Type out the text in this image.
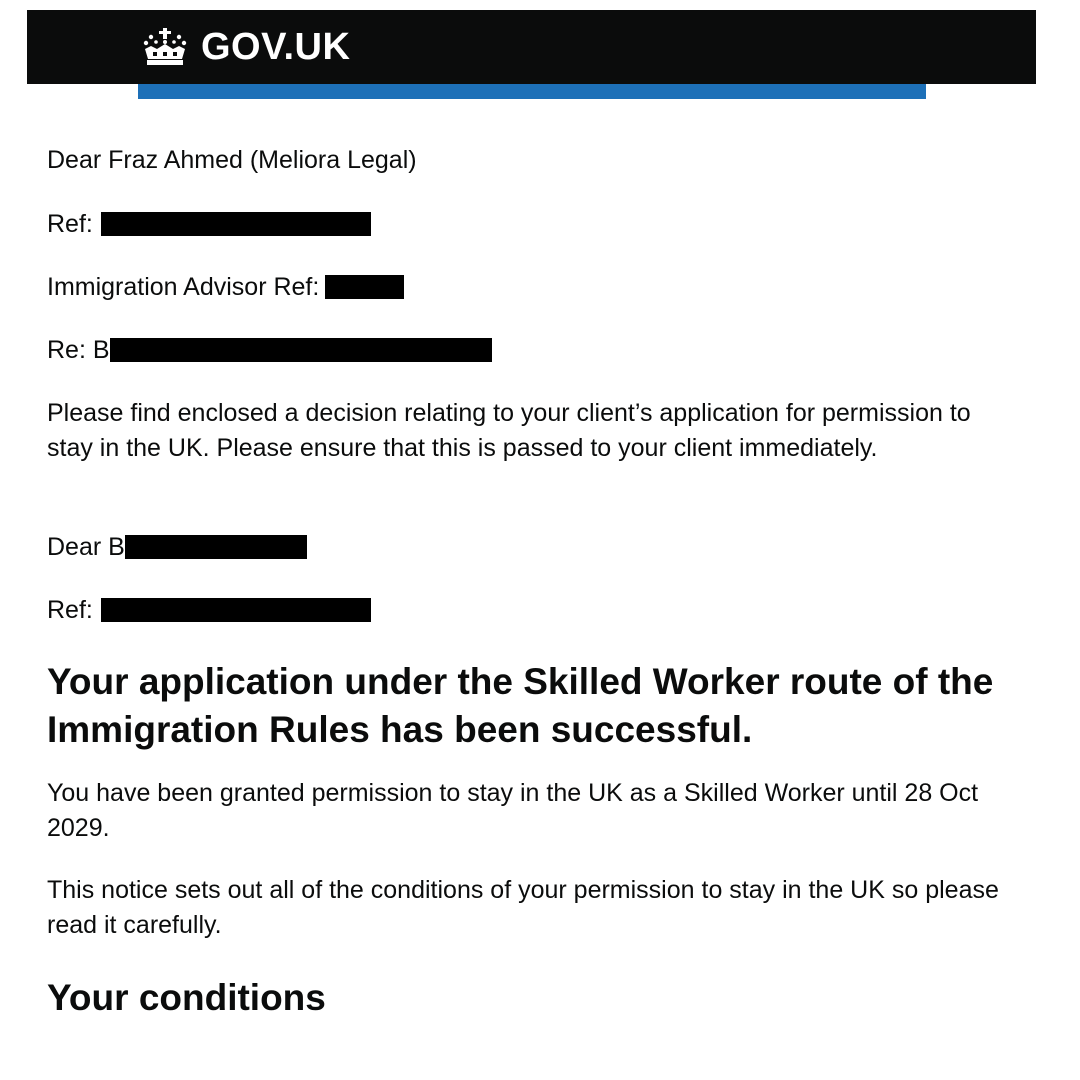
GOV.UK
Dear Fraz Ahmed (Meliora Legal)
Ref:
Immigration Advisor Ref:
Re: B
Please find enclosed a decision relating to your client’s application for permission to stay in the UK. Please ensure that this is passed to your client immediately.
Dear B
Ref:
Your application under the Skilled Worker route of the Immigration Rules has been successful.
You have been granted permission to stay in the UK as a Skilled Worker until 28 Oct 2029.
This notice sets out all of the conditions of your permission to stay in the UK so please read it carefully.
Your conditions
